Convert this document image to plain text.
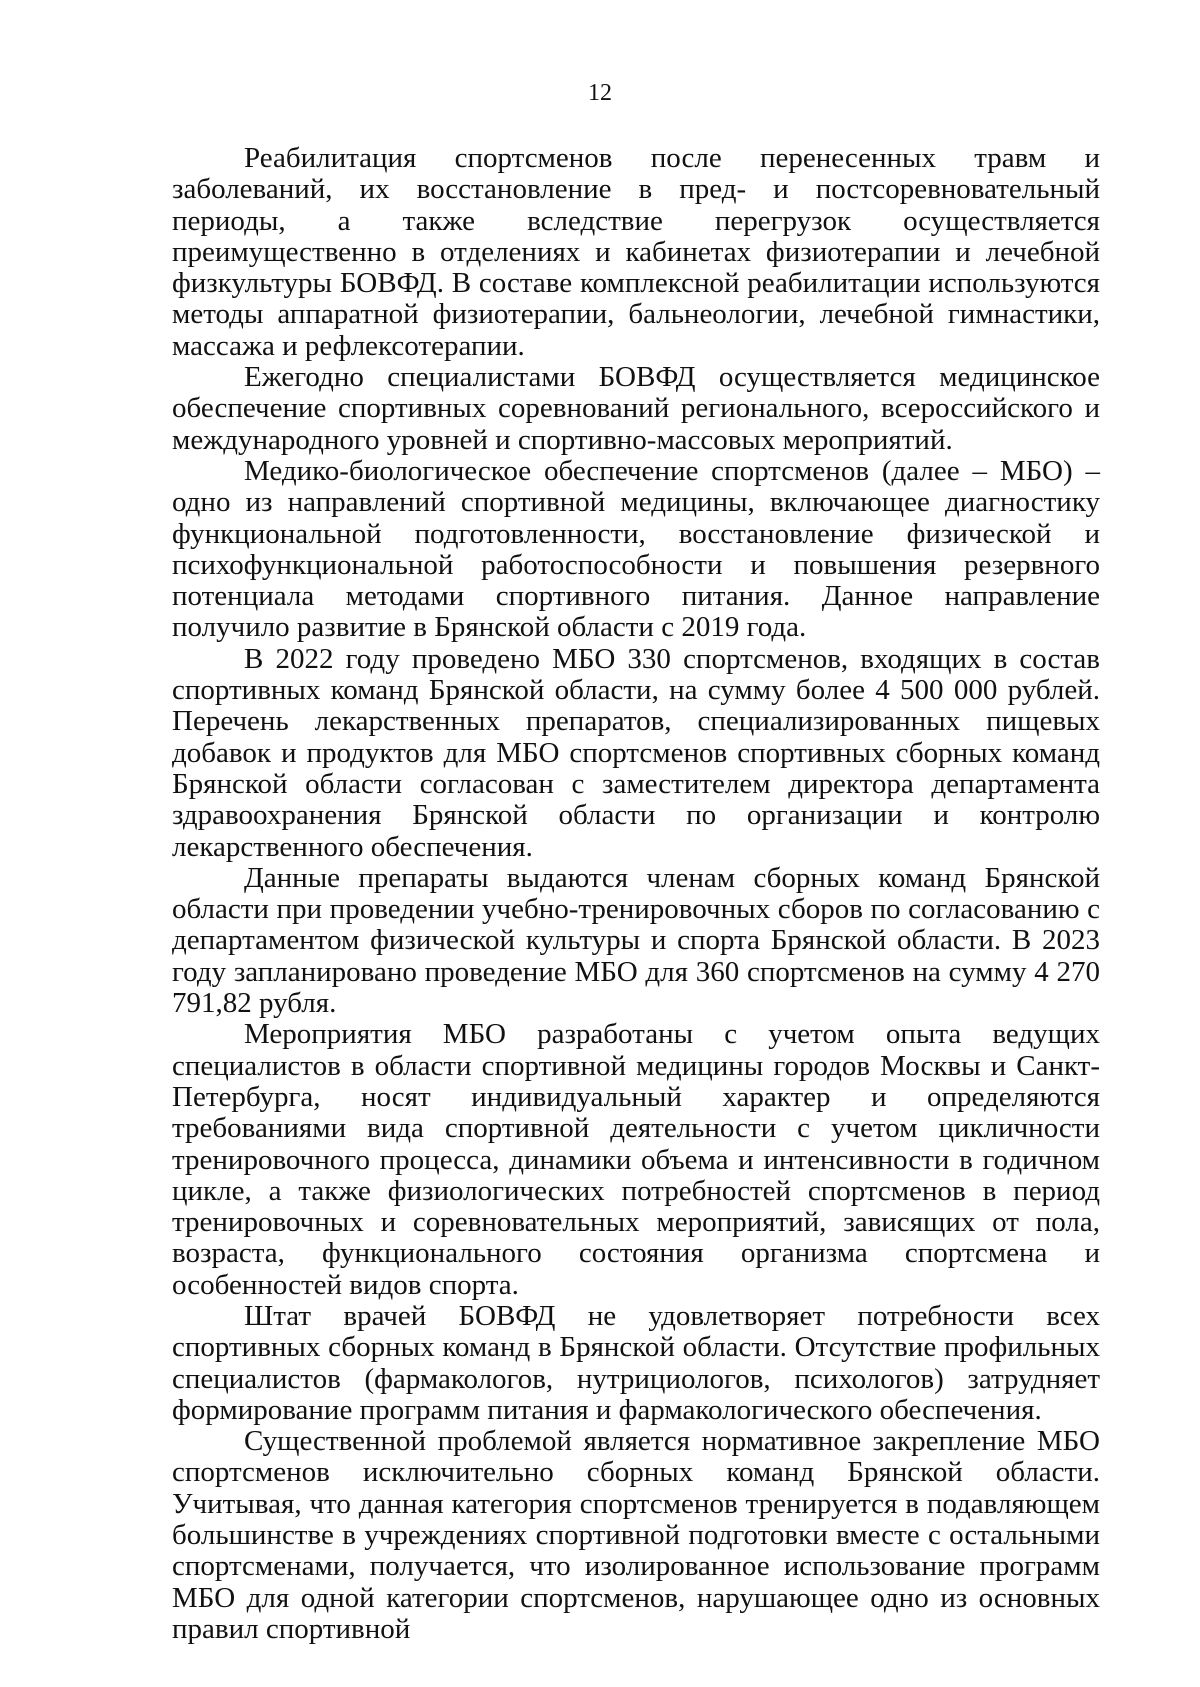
12

Реабилитация спортсменов после перенесенных травм и заболеваний, их восстановление в пред- и постсоревновательный периоды, а также вследствие перегрузок осуществляется преимущественно в отделениях и кабинетах физиотерапии и лечебной физкультуры БОВФД. В составе комплексной реабилитации используются методы аппаратной физиотерапии, бальнеологии, лечебной гимнастики, массажа и рефлексотерапии.

Ежегодно специалистами БОВФД осуществляется медицинское обеспечение спортивных соревнований регионального, всероссийского и международного уровней и спортивно-массовых мероприятий.

Медико-биологическое обеспечение спортсменов (далее – МБО) – одно из направлений спортивной медицины, включающее диагностику функциональной подготовленности, восстановление физической и психофункциональной работоспособности и повышения резервного потенциала методами спортивного питания. Данное направление получило развитие в Брянской области с 2019 года.

В 2022 году проведено МБО 330 спортсменов, входящих в состав спортивных команд Брянской области, на сумму более 4 500 000 рублей. Перечень лекарственных препаратов, специализированных пищевых добавок и продуктов для МБО спортсменов спортивных сборных команд Брянской области согласован с заместителем директора департамента здравоохранения Брянской области по организации и контролю лекарственного обеспечения.

Данные препараты выдаются членам сборных команд Брянской области при проведении учебно-тренировочных сборов по согласованию с департаментом физической культуры и спорта Брянской области. В 2023 году запланировано проведение МБО для 360 спортсменов на сумму 4 270 791,82 рубля.

Мероприятия МБО разработаны с учетом опыта ведущих специалистов в области спортивной медицины городов Москвы и Санкт-Петербурга, носят индивидуальный характер и определяются требованиями вида спортивной деятельности с учетом цикличности тренировочного процесса, динамики объема и интенсивности в годичном цикле, а также физиологических потребностей спортсменов в период тренировочных и соревновательных мероприятий, зависящих от пола, возраста, функционального состояния организма спортсмена и особенностей видов спорта.

Штат врачей БОВФД не удовлетворяет потребности всех спортивных сборных команд в Брянской области. Отсутствие профильных специалистов (фармакологов, нутрициологов, психологов) затрудняет формирование программ питания и фармакологического обеспечения.

Существенной проблемой является нормативное закрепление МБО спортсменов исключительно сборных команд Брянской области. Учитывая, что данная категория спортсменов тренируется в подавляющем большинстве в учреждениях спортивной подготовки вместе с остальными спортсменами, получается, что изолированное использование программ МБО для одной категории спортсменов, нарушающее одно из основных правил спортивной
